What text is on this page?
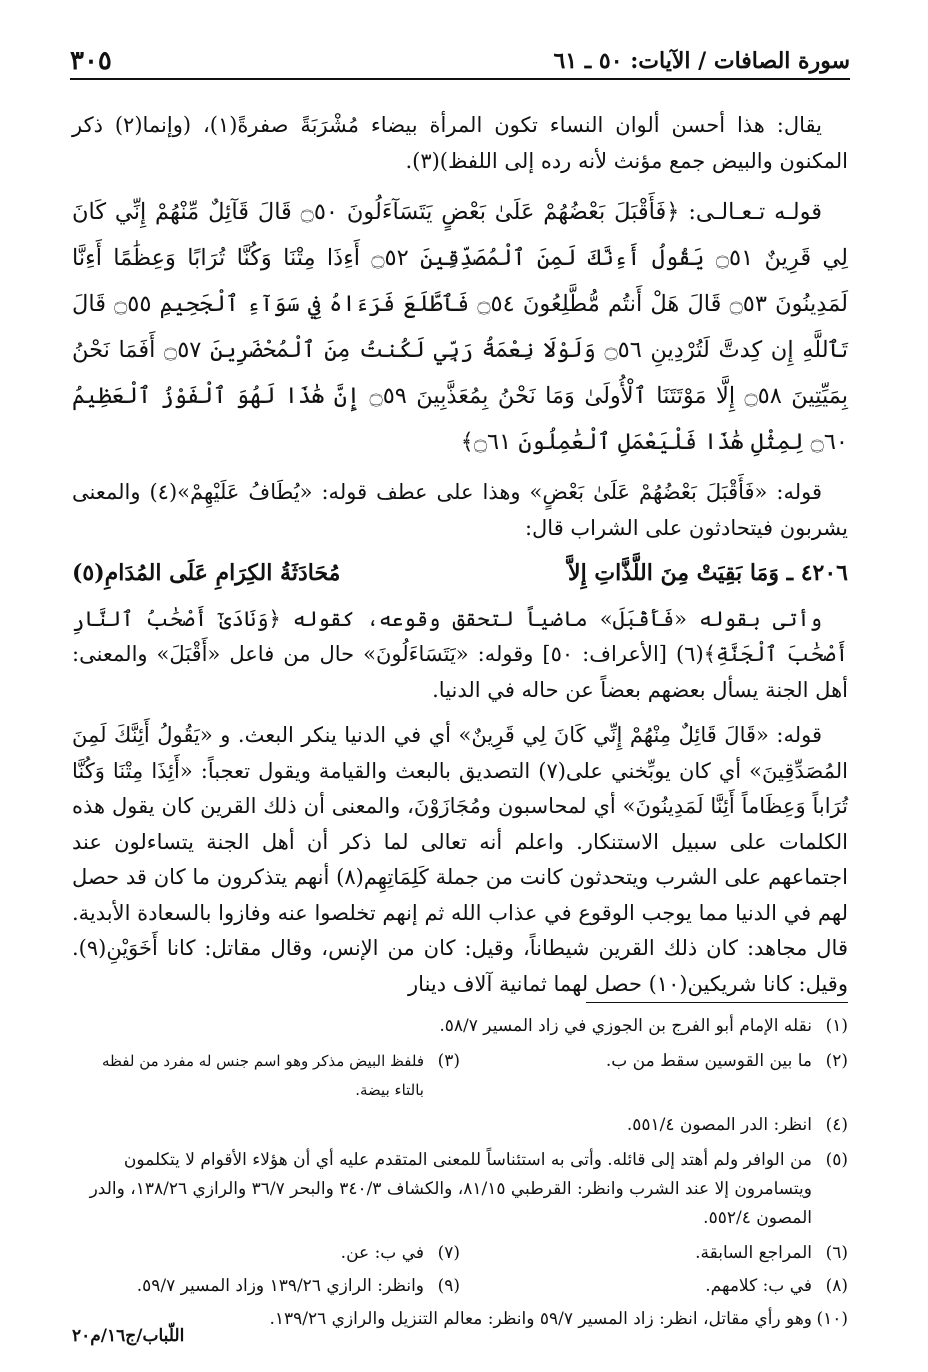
سورة الصافات / الآيات: ٥٠ ـ ٦١
٣٠٥

يقال: هذا أحسن ألوان النساء تكون المرأة بيضاء مُشْرَبَةً صفرةً(١)، (وإنما(٢) ذكر المكنون والبيض جمع مؤنث لأنه رده إلى اللفظ)(٣).

قولـه تـعـالـى: ﴿فَأَقْبَلَ بَعْضُهُمْ عَلَىٰ بَعْضٍ يَتَسَآءَلُونَ ۝٥٠ قَالَ قَآئِلٌ مِّنْهُمْ إِنِّي كَانَ لِي قَرِينٌ ۝٥١ يَقُولُ أَءِنَّكَ لَمِنَ ٱلْمُصَدِّقِينَ ۝٥٢ أَءِذَا مِتْنَا وَكُنَّا تُرَابًا وَعِظَٰمًا أَءِنَّا لَمَدِينُونَ ۝٥٣ قَالَ هَلْ أَنتُم مُّطَّلِعُونَ ۝٥٤ فَٱطَّلَعَ فَرَءَاهُ فِي سَوَآءِ ٱلْجَحِيمِ ۝٥٥ قَالَ تَٱللَّهِ إِن كِدتَّ لَتُرْدِينِ ۝٥٦ وَلَوْلَا نِعْمَةُ رَبِّي لَكُنتُ مِنَ ٱلْمُحْضَرِينَ ۝٥٧ أَفَمَا نَحْنُ بِمَيِّتِينَ ۝٥٨ إِلَّا مَوْتَتَنَا ٱلْأُولَىٰ وَمَا نَحْنُ بِمُعَذَّبِينَ ۝٥٩ إِنَّ هَٰذَا لَهُوَ ٱلْفَوْزُ ٱلْعَظِيمُ ۝٦٠ لِمِثْلِ هَٰذَا فَلْيَعْمَلِ ٱلْعَٰمِلُونَ ۝٦١﴾

قوله: «فَأَقْبَلَ بَعْضُهُمْ عَلَىٰ بَعْضٍ» وهذا على عطف قوله: «يُطَافُ عَلَيْهِمْ»(٤) والمعنى يشربون فيتحادثون على الشراب قال:

٤٢٠٦ ـ وَمَا بَقِيَتْ مِنَ اللَّذَّاتِ إِلاَّ
مُحَادَثَةُ الكِرَامِ عَلَى المُدَامِ(٥)

وأتى بقوله «فَأَقْبَلَ» ماضياً لتحقق وقوعه، كقوله ﴿وَنَادَىٰٓ أَصْحَٰبُ ٱلنَّارِ أَصْحَٰبَ ٱلْجَنَّةِ﴾(٦) [الأعراف: ٥٠] وقوله: «يَتَسَاءَلُونَ» حال من فاعل «أَقْبَلَ» والمعنى: أهل الجنة يسأل بعضهم بعضاً عن حاله في الدنيا.

قوله: «قَالَ قَائِلٌ مِنْهُمْ إِنِّي كَانَ لِي قَرِينٌ» أي في الدنيا ينكر البعث. و «يَقُولُ أَئِنَّكَ لَمِنَ المُصَدِّقِينَ» أي كان يوبِّخني على(٧) التصديق بالبعث والقيامة ويقول تعجباً: «أَئِذَا مِتْنَا وَكُنَّا تُرَاباً وَعِظَاماً أَئِنَّا لَمَدِينُونَ» أي لمحاسبون ومُجَازَوْنَ، والمعنى أن ذلك القرين كان يقول هذه الكلمات على سبيل الاستنكار. واعلم أنه تعالى لما ذكر أن أهل الجنة يتساءلون عند اجتماعهم على الشرب ويتحدثون كانت من جملة كَلِمَاتِهِم(٨) أنهم يتذكرون ما كان قد حصل لهم في الدنيا مما يوجب الوقوع في عذاب الله ثم إنهم تخلصوا عنه وفازوا بالسعادة الأبدية. قال مجاهد: كان ذلك القرين شيطاناً، وقيل: كان من الإنس، وقال مقاتل: كانا أَخَوَيْنِ(٩). وقيل: كانا شريكين(١٠) حصل لهما ثمانية آلاف دينار

(١)
نقله الإمام أبو الفرج بن الجوزي في زاد المسير ٥٨/٧.
(٢)
ما بين القوسين سقط من ب.
(٣)
فلفظ البيض مذكر وهو اسم جنس له مفرد من لفظه بالتاء بيضة.
(٤)
انظر: الدر المصون ٥٥١/٤.
(٥)
من الوافر ولم أهتد إلى قائله. وأتى به استئناساً للمعنى المتقدم عليه أي أن هؤلاء الأقوام لا يتكلمون ويتسامرون إلا عند الشرب وانظر: القرطبي ٨١/١٥، والكشاف ٣٤٠/٣ والبحر ٣٦/٧ والرازي ١٣٨/٢٦، والدر المصون ٥٥٢/٤.
(٦)
المراجع السابقة.
(٧)
في ب: عن.
(٨)
في ب: كلامهم.
(٩)
وانظر: الرازي ١٣٩/٢٦ وزاد المسير ٥٩/٧.
(١٠)
وهو رأي مقاتل، انظر: زاد المسير ٥٩/٧ وانظر: معالم التنزيل والرازي ١٣٩/٢٦.
اللّباب/ج١٦/م٢٠
